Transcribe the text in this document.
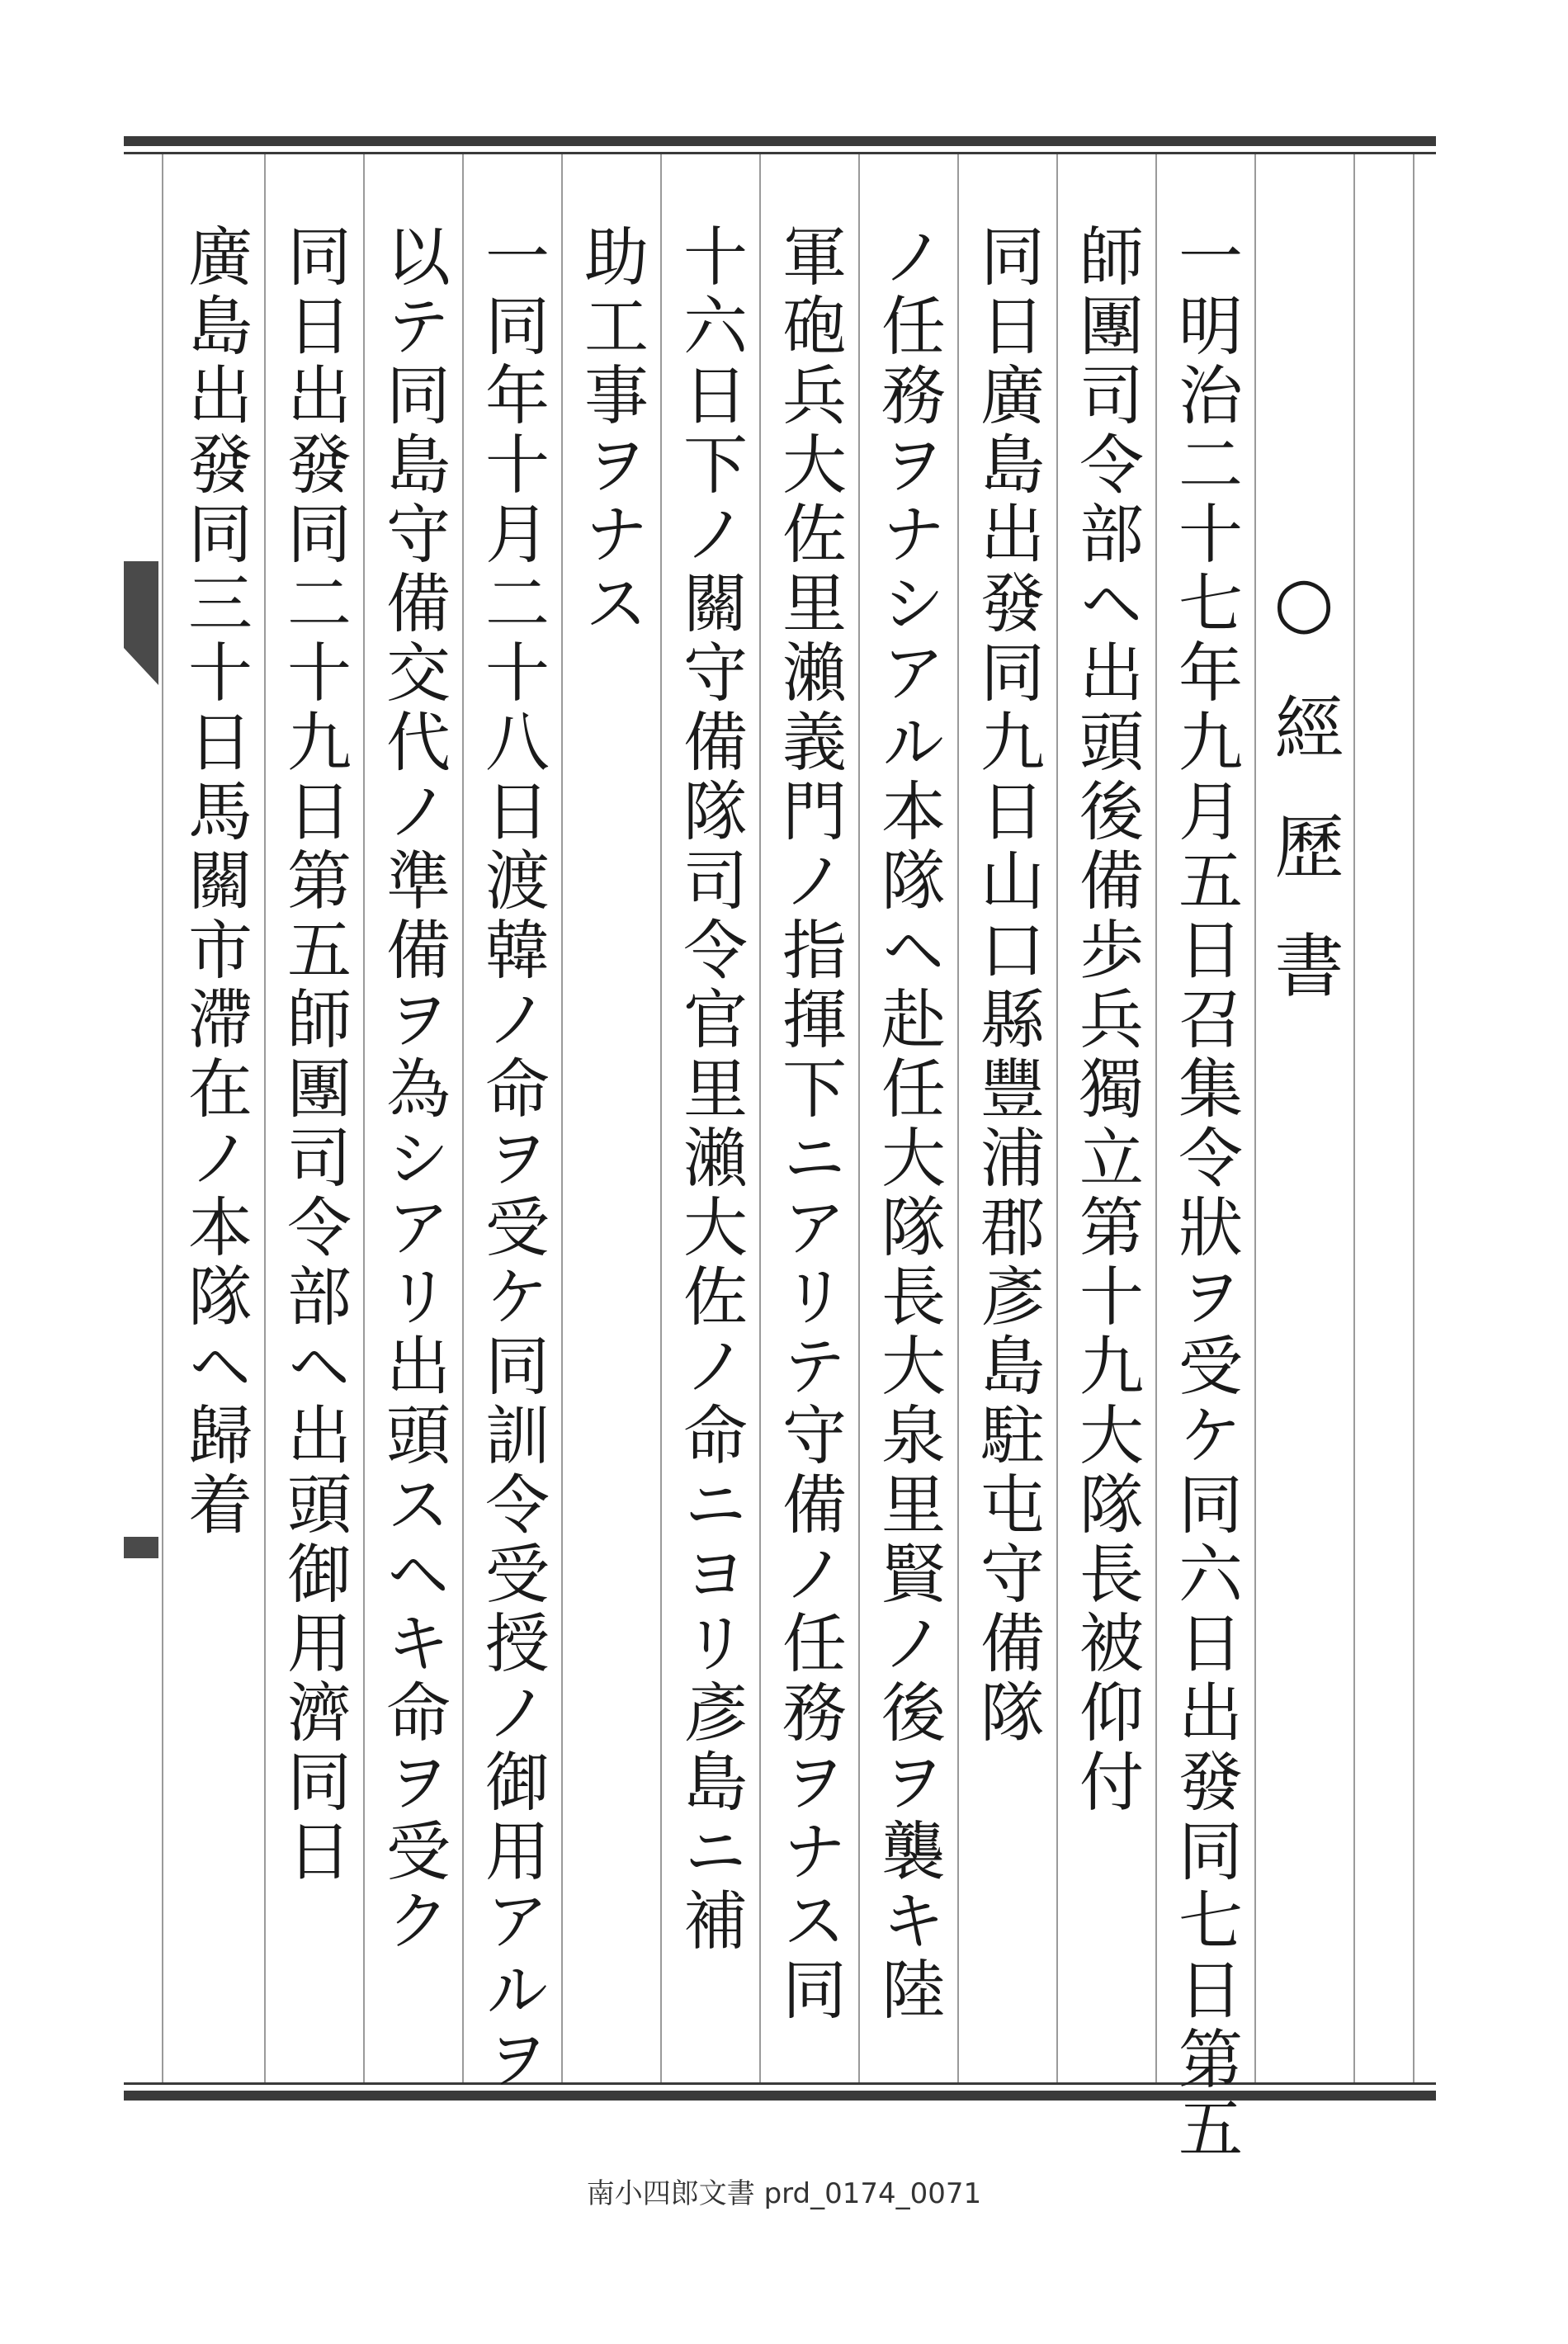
一明治二十七年九月五日召集令狀ヲ受ケ同六日出發同七日第五 ○經歷書
師團司令部ヘ出頭後備歩兵獨立第十九大隊長被仰付
同日廣島出發同九日山口縣豐浦郡彥島駐屯守備隊
ノ任務ヲナシアル本隊ヘ赴任大隊長大泉里賢ノ後ヲ襲キ陸
軍砲兵大佐里瀨義門ノ指揮下ニアリテ守備ノ任務ヲナス同
十六日下ノ關守備隊司令官里瀨大佐ノ命ニヨリ彥島ニ補
助工事ヲナス
一同年十月二十八日渡韓ノ命ヲ受ケ同訓令受授ノ御用アルヲ
以テ同島守備交代ノ準備ヲ為シアリ出頭スヘキ命ヲ受ク
同日出發同二十九日第五師團司令部ヘ出頭御用濟同日
廣島出發同三十日馬關市滯在ノ本隊ヘ歸着
南小四郎文書 prd_0174_0071
